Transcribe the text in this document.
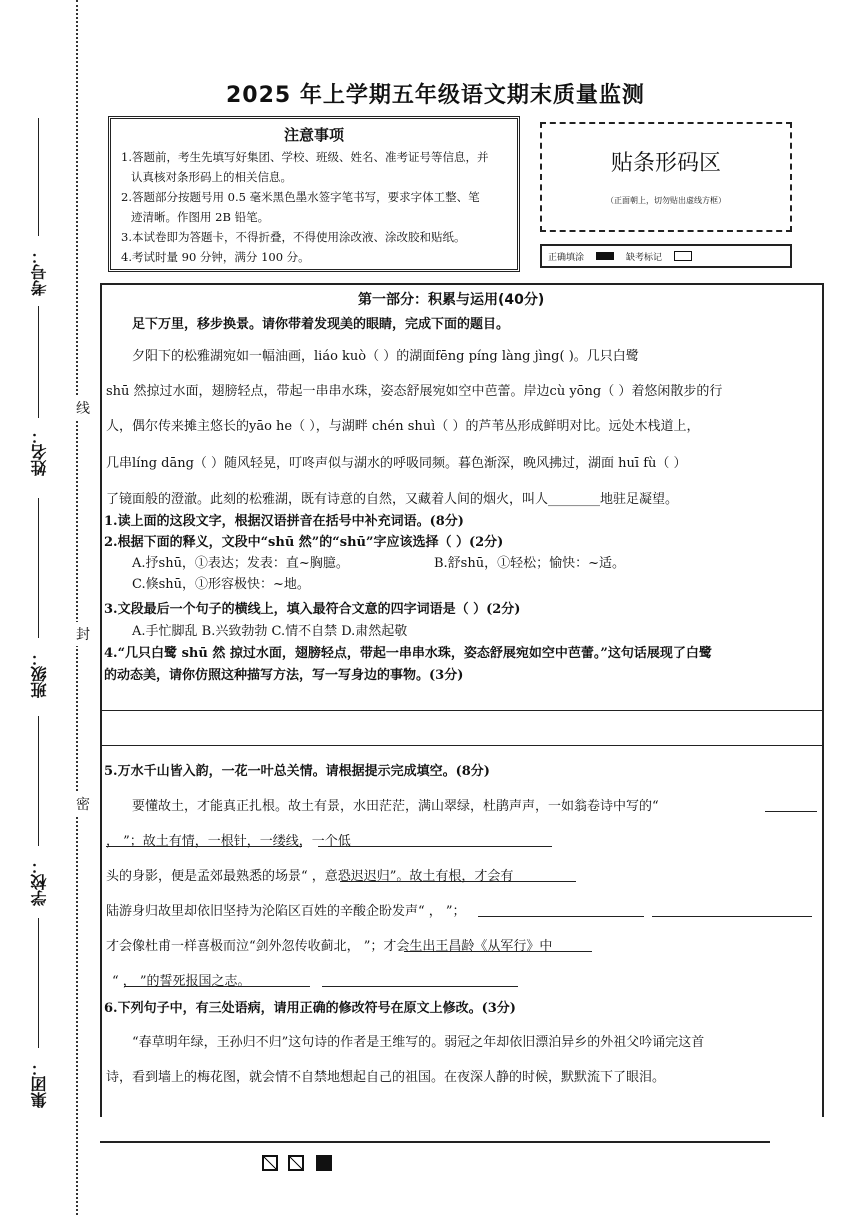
考号：
姓名：
班级：
学校：
集团：
线
封
密
2025 年上学期五年级语文期末质量监测
注意事项
1.答题前，考生先填写好集团、学校、班级、姓名、准考证号等信息，并
认真核对条形码上的相关信息。
2.答题部分按题号用 0.5 毫米黑色墨水签字笔书写，要求字体工整、笔
迹清晰。作图用 2B 铅笔。
3.本试卷即为答题卡，不得折叠，不得使用涂改液、涂改胶和贴纸。
4.考试时量 90 分钟，满分 100 分。
贴条形码区
（正面朝上，切勿贴出虚线方框）
正确填涂	缺考标记
第一部分：积累与运用(40分)
足下万里，移步换景。请你带着发现美的眼睛，完成下面的题目。
夕阳下的松雅湖宛如一幅油画，liáo kuò（ ）的湖面fēng píng làng jìng( )。几只白鹭
shū 然掠过水面，翅膀轻点，带起一串串水珠，姿态舒展宛如空中芭蕾。岸边cù yōng（ ）着悠闲散步的行
人，偶尔传来摊主悠长的yāo he（ ），与湖畔 chén shuì（ ）的芦苇丛形成鲜明对比。远处木栈道上，
几串líng dāng（ ）随风轻晃，叮咚声似与湖水的呼吸同频。暮色渐深，晚风拂过，湖面 huī fù（ ）
了镜面般的澄澈。此刻的松雅湖，既有诗意的自然，又藏着人间的烟火，叫人________地驻足凝望。
1.读上面的这段文字，根据汉语拼音在括号中补充词语。(8分)
2.根据下面的释义，文段中“shū 然”的“shū”字应该选择（ ）(2分)
A.抒shū，①表达；发表：直~胸臆。	B.舒shū，①轻松；愉快：~适。
C.倏shū，①形容极快：~地。
3.文段最后一个句子的横线上，填入最符合文意的四字词语是（ ）(2分)
A.手忙脚乱 B.兴致勃勃 C.情不自禁 D.肃然起敬
4.“几只白鹭 shū 然 掠过水面，翅膀轻点，带起一串串水珠，姿态舒展宛如空中芭蕾。”这句话展现了白鹭
的动态美，请你仿照这种描写方法，写一写身边的事物。(3分)
5.万水千山皆入韵，一花一叶总关情。请根据提示完成填空。(8分)
要懂故土，才能真正扎根。故土有景，水田茫茫，满山翠绿，杜鹃声声，一如翁卷诗中写的“
， ”；故土有情，一根针，一缕线，一个低
头的身影，便是孟郊最熟悉的场景“ ，意恐迟迟归”。故土有根，才会有
陆游身归故里却依旧坚持为沦陷区百姓的辛酸企盼发声“ ， ”；
才会像杜甫一样喜极而泣“剑外忽传收蓟北， ”；才会生出王昌龄《从军行》中
“ ， ”的誓死报国之志。
6.下列句子中，有三处语病，请用正确的修改符号在原文上修改。(3分)
“春草明年绿，王孙归不归”这句诗的作者是王维写的。弱冠之年却依旧漂泊异乡的外祖父吟诵完这首
诗，看到墙上的梅花图，就会情不自禁地想起自己的祖国。在夜深人静的时候，默默流下了眼泪。
